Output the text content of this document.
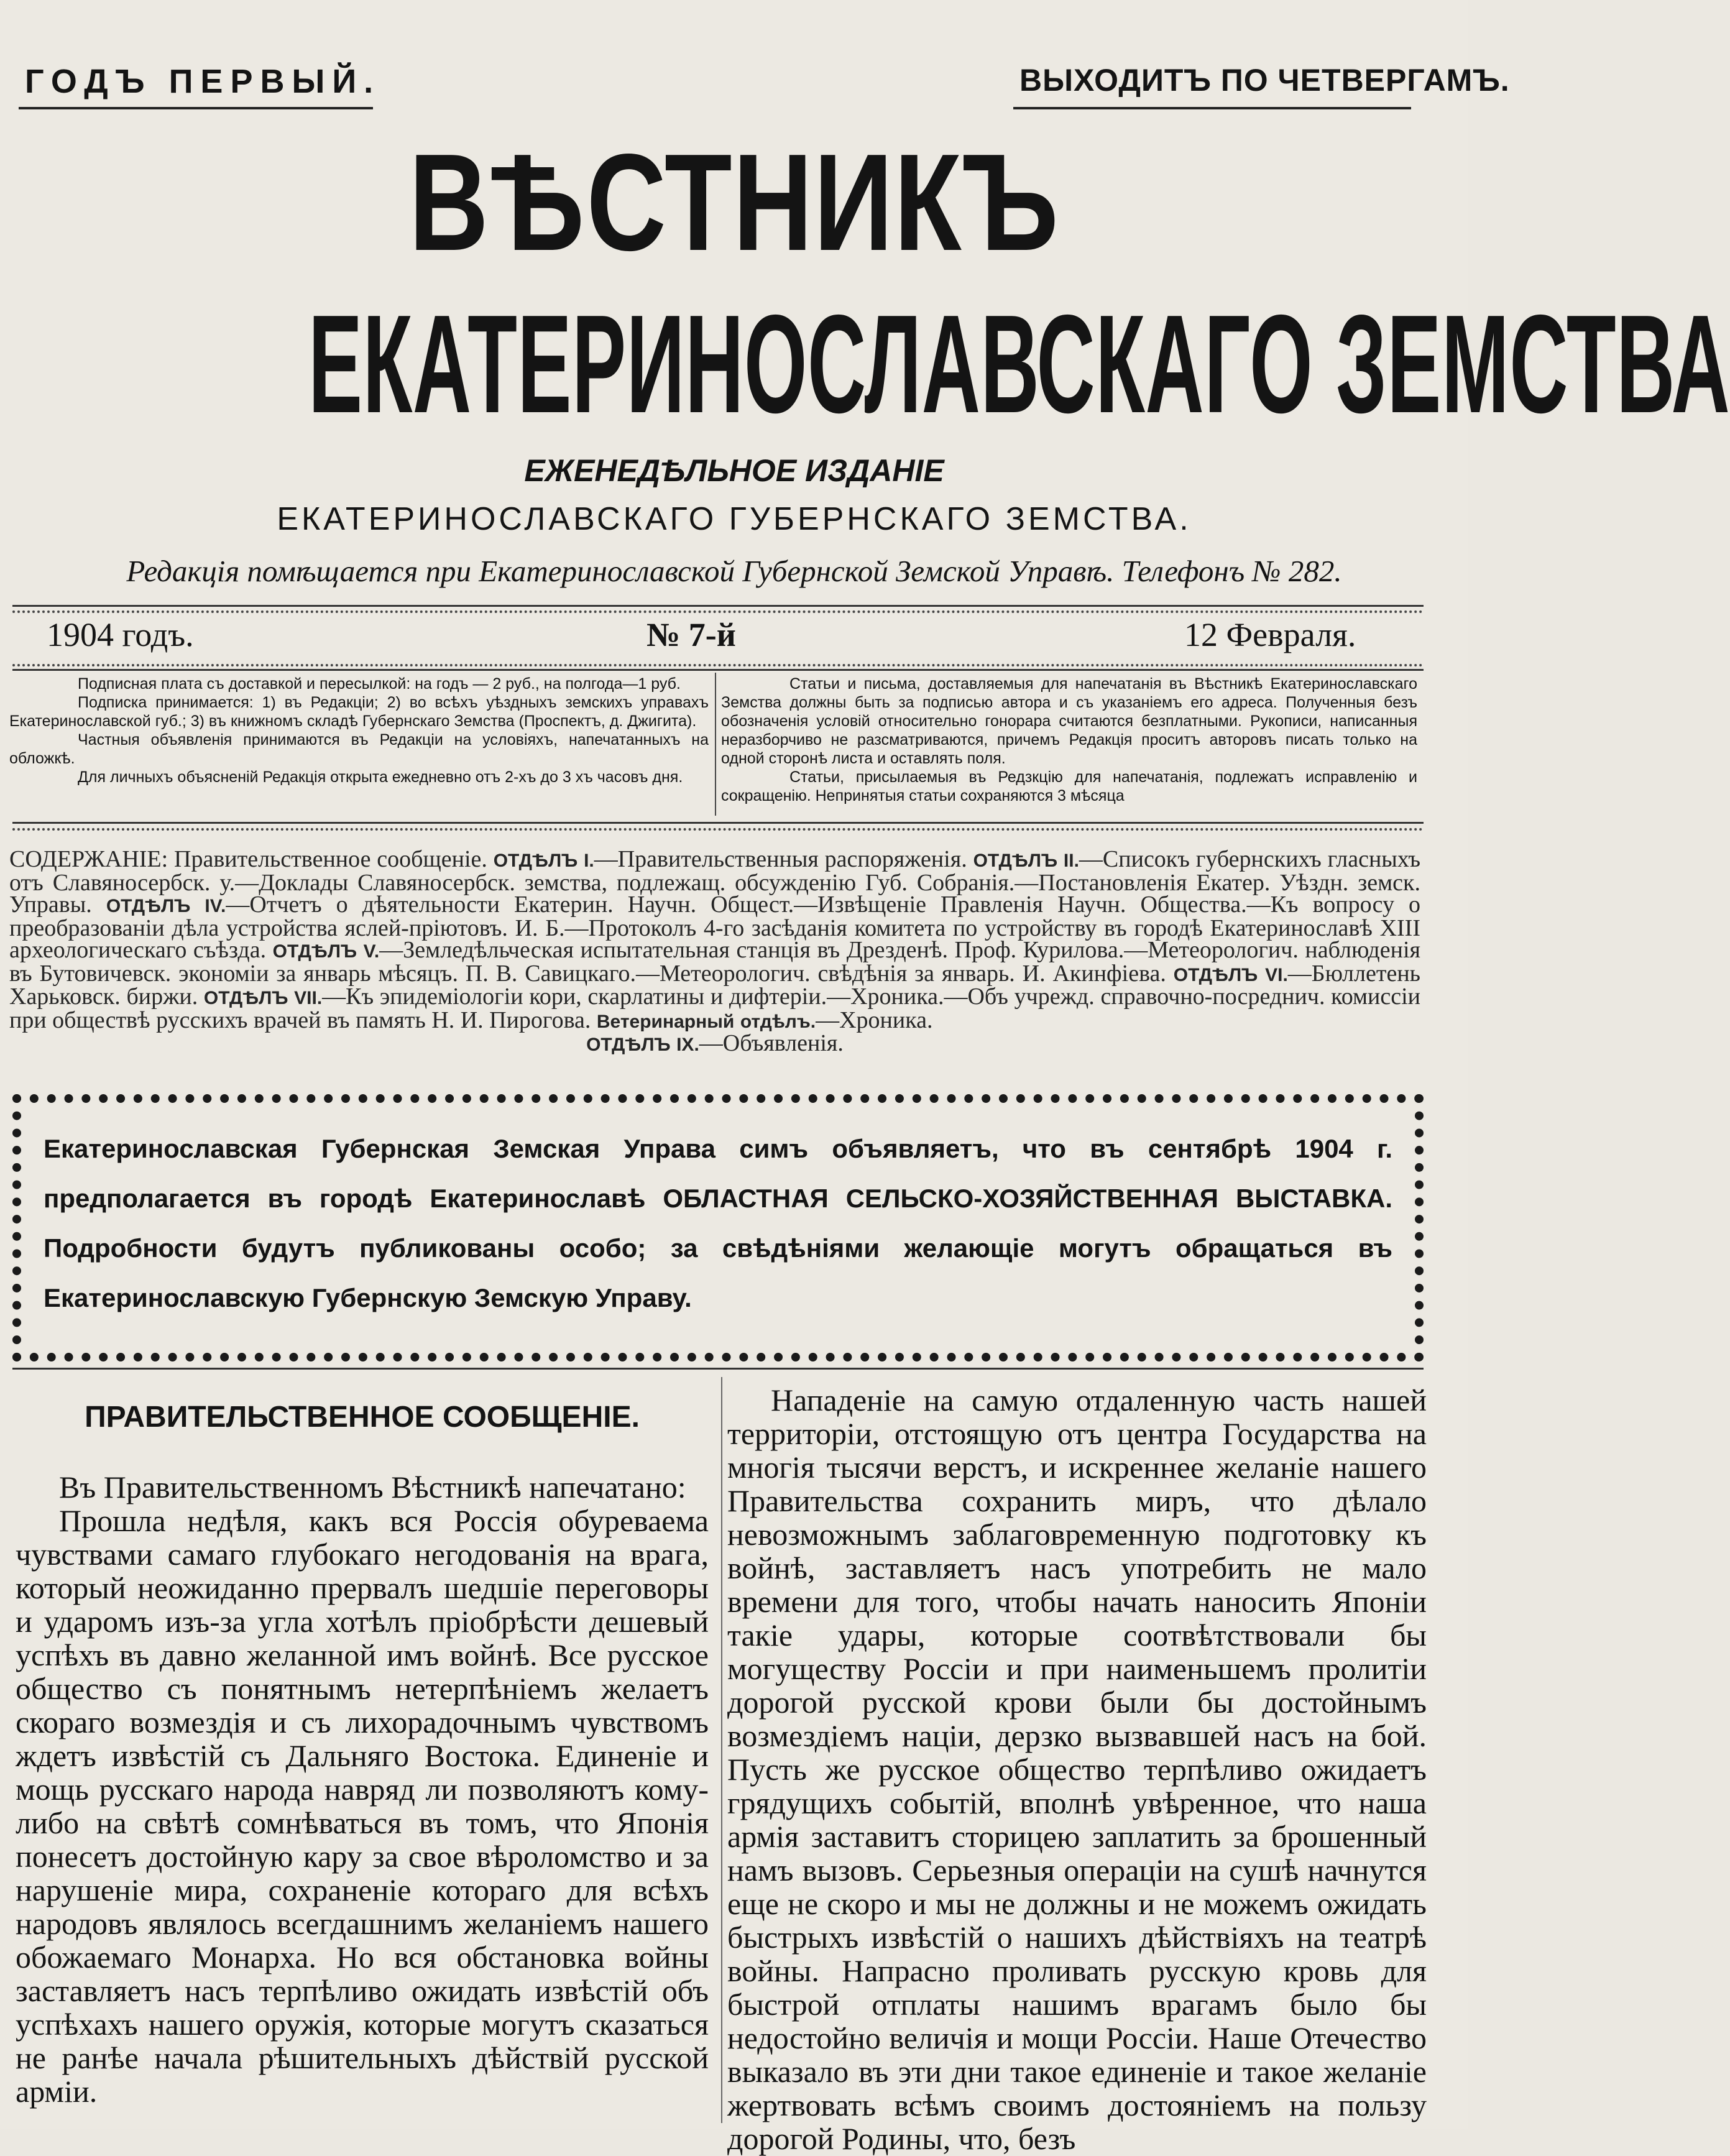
ГОДЪ ПЕРВЫЙ.	ВЫХОДИТЪ ПО ЧЕТВЕРГАМЪ.
ВѢСТНИКЪ
ЕКАТЕРИНОСЛАВСКАГО ЗЕМСТВА
ЕЖЕНЕДѢЛЬНОЕ ИЗДАНІЕ
ЕКАТЕРИНОСЛАВСКАГО ГУБЕРНСКАГО ЗЕМСТВА.
Редакція помѣщается при Екатеринославской Губернской Земской Управѣ. Телефонъ № 282.
1904 годъ.	№ 7-й	12 Февраля.

Подписная плата съ доставкой и пересылкой: на годъ — 2 руб., на полгода—1 руб.

Подписка принимается: 1) въ Редакціи; 2) во всѣхъ уѣздныхъ земскихъ управахъ Екатеринославской губ.; 3) въ книжномъ складѣ Губернскаго Земства (Проспектъ, д. Джигита).

Частныя объявленія принимаются въ Редакціи на условіяхъ, напечатанныхъ на обложкѣ.

Для личныхъ объясненій Редакція открыта ежедневно отъ 2-хъ до 3 хъ часовъ дня.

Статьи и письма, доставляемыя для напечатанія въ Вѣстникѣ Екатеринославскаго Земства должны быть за подписью автора и съ указаніемъ его адреса. Полученныя безъ обозначенія условій относительно гонорара считаются безплатными. Рукописи, написанныя неразборчиво не разсматриваются, причемъ Редакція проситъ авторовъ писать только на одной сторонѣ листа и оставлять поля.

Статьи, присылаемыя въ Редзкцію для напечатанія, подлежатъ исправленію и сокращенію. Непринятыя статьи сохраняются 3 мѣсяца

СОДЕРЖАНІЕ: Правительственное сообщеніе. ОТДѢЛЪ I.—Правительственныя распоряженія. ОТДѢЛЪ II.—Списокъ губернскихъ гласныхъ отъ Славяносербск. у.—Доклады Славяносербск. земства, подлежащ. обсужденію Губ. Собранія.—Постановленія Екатер. Уѣздн. земск. Управы. ОТДѢЛЪ IV.—Отчетъ о дѣятельности Екатерин. Научн. Общест.—Извѣщеніе Правленія Научн. Общества.—Къ вопросу о преобразованіи дѣла устройства яслей-пріютовъ. И. Б.—Протоколъ 4-го засѣданія комитета по устройству въ городѣ Екатеринославѣ XIII археологическаго съѣзда. ОТДѢЛЪ V.—Земледѣльческая испытательная станція въ Дрезденѣ. Проф. Курилова.—Метеорологич. наблюденія въ Бутовичевск. экономіи за январь мѣсяцъ. П. В. Савицкаго.—Метеорологич. свѣдѣнія за январь. И. Акинфіева. ОТДѢЛЪ VI.—Бюллетень Харьковск. биржи. ОТДѢЛЪ VII.—Къ эпидеміологіи кори, скарлатины и дифтеріи.—Хроника.—Объ учрежд. справочно-посреднич. комиссіи при обществѣ русскихъ врачей въ память Н. И. Пирогова. Ветеринарный отдѣлъ.—Хроника.

ОТДѢЛЪ IX.—Объявленія.

Екатеринославская Губернская Земская Управа симъ объявляетъ, что въ сентябрѣ 1904 г.

предполагается въ городѣ Екатеринославѣ ОБЛАСТНАЯ СЕЛЬСКО-ХОЗЯЙСТВЕННАЯ ВЫСТАВКА.

Подробности будутъ публикованы особо; за свѣдѣніями желающіе могутъ обращаться въ

Екатеринославскую Губернскую Земскую Управу.

ПРАВИТЕЛЬСТВЕННОЕ СООБЩЕНІЕ.

Въ Правительственномъ Вѣстникѣ напечатано:

Прошла недѣля, какъ вся Россія обуреваема чувствами самаго глубокаго негодованія на врага, который неожиданно прервалъ шедшіе переговоры и ударомъ изъ-за угла хотѣлъ пріобрѣсти дешевый успѣхъ въ давно желанной имъ войнѣ. Все русское общество съ понятнымъ нетерпѣніемъ желаетъ скораго возмездія и съ лихорадочнымъ чувствомъ ждетъ извѣстій съ Дальняго Востока. Единеніе и мощь русскаго народа навряд ли позволяютъ кому-либо на свѣтѣ сомнѣваться въ томъ, что Японія понесетъ достойную кару за свое вѣроломство и за нарушеніе мира, сохраненіе котораго для всѣхъ народовъ являлось всегдашнимъ желаніемъ нашего обожаемаго Монарха. Но вся обстановка войны заставляетъ насъ терпѣливо ожидать извѣстій объ успѣхахъ нашего оружія, которые могутъ сказаться не ранѣе начала рѣшительныхъ дѣйствій русской арміи.

Нападеніе на самую отдаленную часть нашей территоріи, отстоящую отъ центра Государства на многія тысячи верстъ, и искреннее желаніе нашего Правительства сохранить миръ, что дѣлало невозможнымъ заблаговременную подготовку къ войнѣ, заставляетъ насъ употребить не мало времени для того, чтобы начать наносить Японіи такіе удары, которые соотвѣтствовали бы могуществу Россіи и при наименьшемъ пролитіи дорогой русской крови были бы достойнымъ возмездіемъ націи, дерзко вызвавшей насъ на бой. Пусть же русское общество терпѣливо ожидаетъ грядущихъ событій, вполнѣ увѣренное, что наша армія заставитъ сторицею заплатить за брошенный намъ вызовъ. Серьезныя операціи на сушѣ начнутся еще не скоро и мы не должны и не можемъ ожидать быстрыхъ извѣстій о нашихъ дѣйствіяхъ на театрѣ войны. Напрасно проливать русскую кровь для быстрой отплаты нашимъ врагамъ было бы недостойно величія и мощи Россіи. Наше Отечество выказало въ эти дни такое единеніе и такое желаніе жертвовать всѣмъ своимъ достояніемъ на пользу дорогой Родины, что, безъ
